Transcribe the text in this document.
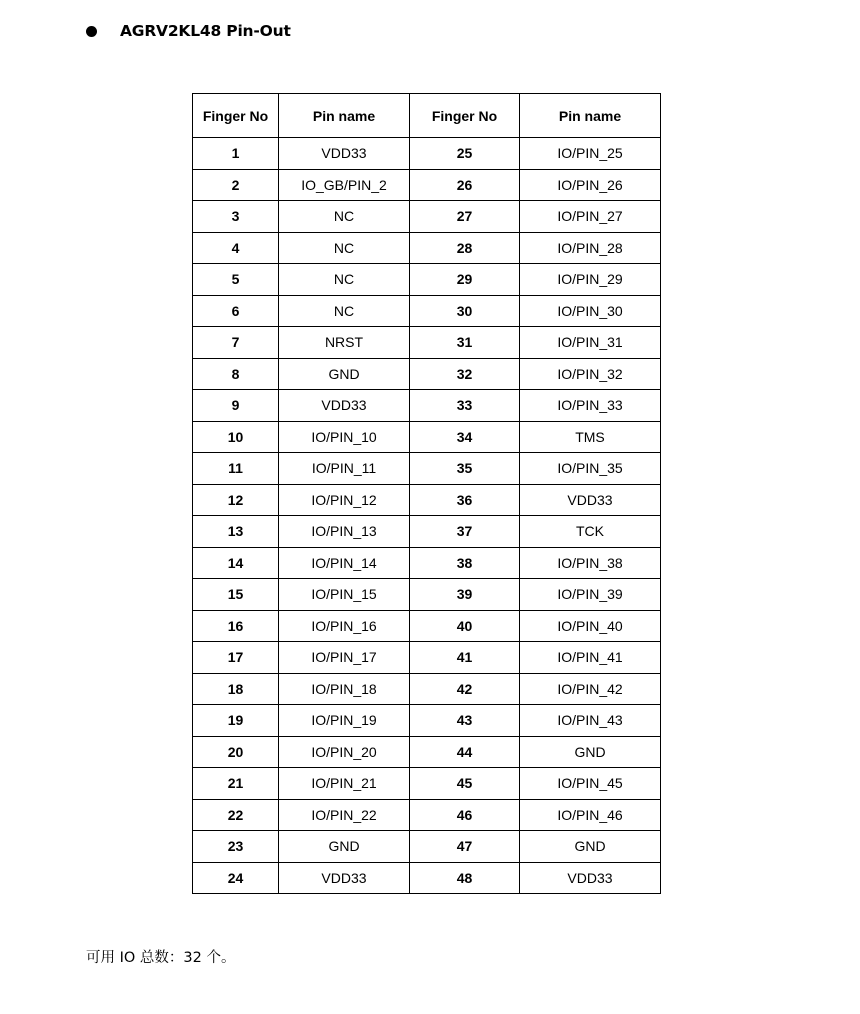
AGRV2KL48 Pin-Out
Finger No	Pin name	Finger No	Pin name
1	VDD33	25	IO/PIN_25
2	IO_GB/PIN_2	26	IO/PIN_26
3	NC	27	IO/PIN_27
4	NC	28	IO/PIN_28
5	NC	29	IO/PIN_29
6	NC	30	IO/PIN_30
7	NRST	31	IO/PIN_31
8	GND	32	IO/PIN_32
9	VDD33	33	IO/PIN_33
10	IO/PIN_10	34	TMS
11	IO/PIN_11	35	IO/PIN_35
12	IO/PIN_12	36	VDD33
13	IO/PIN_13	37	TCK
14	IO/PIN_14	38	IO/PIN_38
15	IO/PIN_15	39	IO/PIN_39
16	IO/PIN_16	40	IO/PIN_40
17	IO/PIN_17	41	IO/PIN_41
18	IO/PIN_18	42	IO/PIN_42
19	IO/PIN_19	43	IO/PIN_43
20	IO/PIN_20	44	GND
21	IO/PIN_21	45	IO/PIN_45
22	IO/PIN_22	46	IO/PIN_46
23	GND	47	GND
24	VDD33	48	VDD33
可用 IO 总数：32 个。
